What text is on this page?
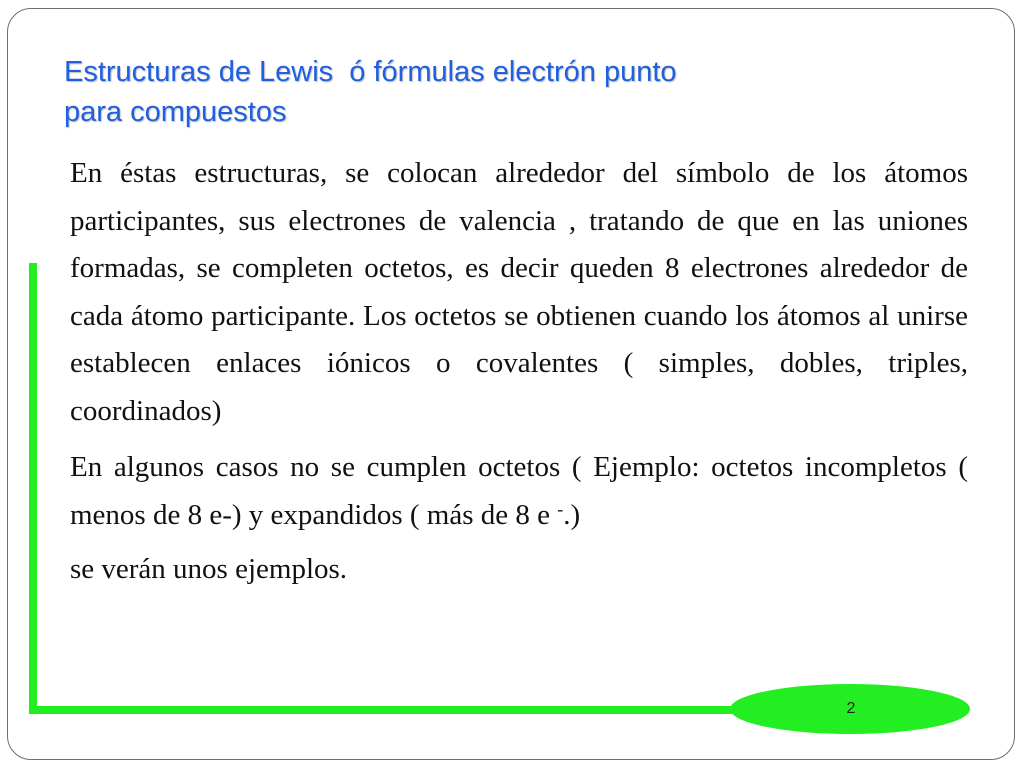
Estructuras de Lewis  ó fórmulas electrón punto
para compuestos

En éstas estructuras, se colocan alrededor del símbolo de los átomos participantes, sus electrones de valencia , tratando de que en las uniones formadas, se completen octetos, es decir queden 8 electrones alrededor de cada átomo participante. Los octetos se obtienen cuando los átomos al unirse establecen enlaces iónicos o covalentes ( simples, dobles, triples, coordinados)

En algunos casos no se cumplen octetos ( Ejemplo: octetos incompletos ( menos de 8 e-) y expandidos ( más de 8 e -.)

se verán unos ejemplos.

2
